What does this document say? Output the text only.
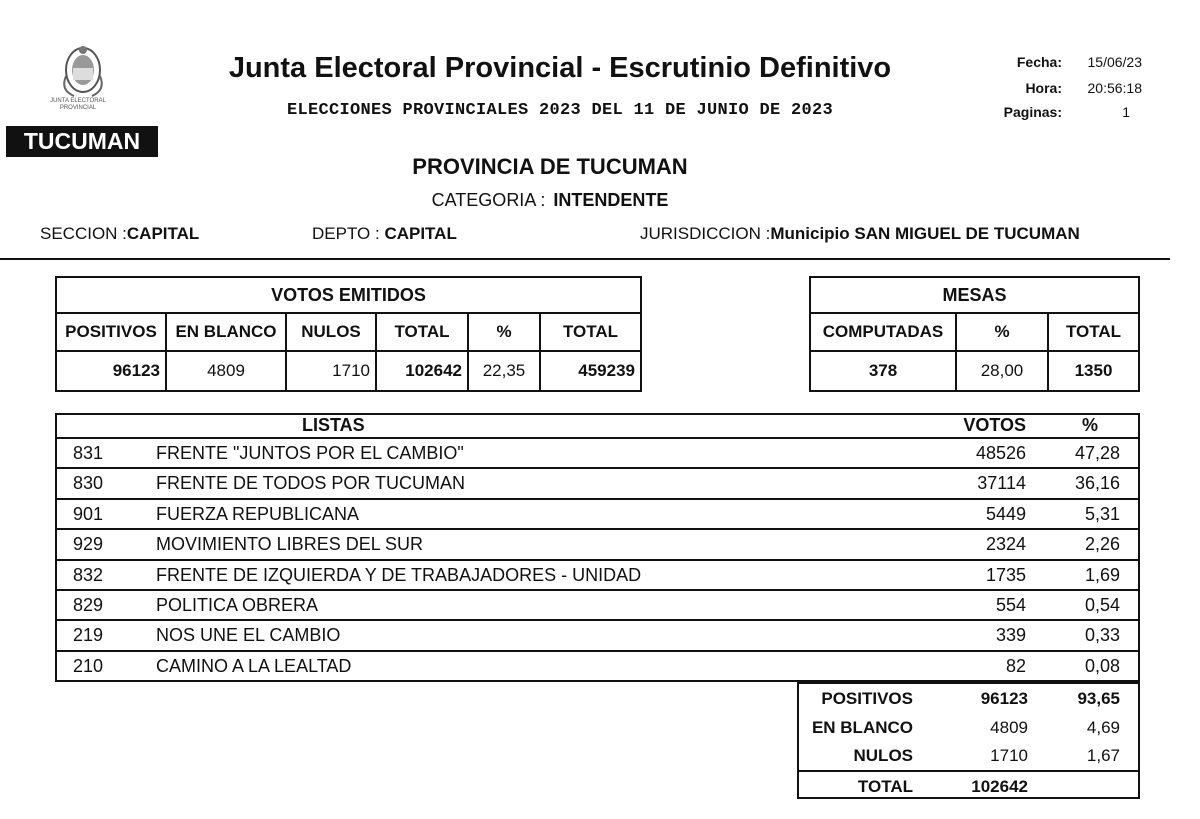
JUNTA ELECTORAL PROVINCIAL
TUCUMAN
Junta Electoral Provincial - Escrutinio Definitivo
ELECCIONES PROVINCIALES 2023 DEL 11 DE JUNIO DE 2023
Fecha:	15/06/23
Hora:	20:56:18
Paginas:	1
PROVINCIA DE TUCUMAN
CATEGORIA : INTENDENTE
SECCION :CAPITAL	DEPTO : CAPITAL	JURISDICCION :Municipio SAN MIGUEL DE TUCUMAN
VOTOS EMITIDOS					
POSITIVOS	EN BLANCO	NULOS	TOTAL	%	TOTAL
96123	4809	1710	102642	22,35	459239
MESAS		
COMPUTADAS	%	TOTAL
378	28,00	1350
LISTAS	VOTOS	%
831	FRENTE "JUNTOS POR EL CAMBIO"	48526	47,28
830	FRENTE DE TODOS POR TUCUMAN	37114	36,16
901	FUERZA REPUBLICANA	5449	5,31
929	MOVIMIENTO LIBRES DEL SUR	2324	2,26
832	FRENTE DE IZQUIERDA Y DE TRABAJADORES - UNIDAD	1735	1,69
829	POLITICA OBRERA	554	0,54
219	NOS UNE EL CAMBIO	339	0,33
210	CAMINO A LA LEALTAD	82	0,08
POSITIVOS	96123	93,65
EN BLANCO	4809	4,69
NULOS	1710	1,67
TOTAL	102642
